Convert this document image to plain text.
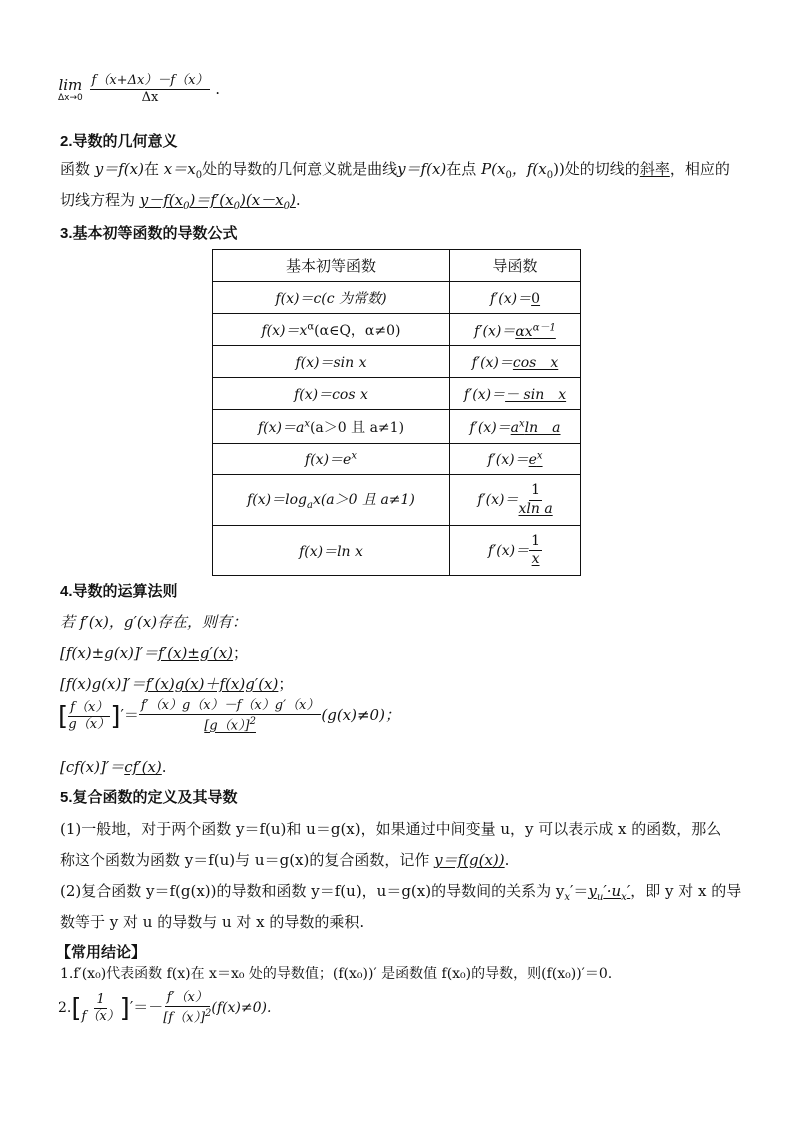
lim
Δx→0
$\frac{f(x+\Delta x)-f(x)}{\Delta x}$ .
2.导数的几何意义
函数 y＝f(x)在 $x=x_0$处的导数的几何意义就是曲线y＝f(x)在点 $P(x_0$，$f(x_0)$)处的切线的斜率，相应的
切线方程为 $y-f(x_0)=f'(x_0)(x-x_0)$.
3.基本初等函数的导数公式
基本初等函数	导函数
f(x)＝c(c 为常数)	f′(x)＝0
$f(x)=x^\alpha(\alpha\in Q$，α≠0)	$f'(x)=\alpha x^{\alpha-1}$
f(x)＝sin x	f′(x)＝cos　x
f(x)＝cos x	f′(x)＝－ sin　x
$f(x)=a^x(a>0$ 且 a≠1)	$f'(x)=a^x\ln$　a
$f(x)=e^x$	$f'(x)=e^x$
$f(x)=\log_ax(a>0$ 且 a≠1)	$f'(x)= \frac{1}{\text{xln a}}$

f(x)＝ln x	$f'(x)= \frac{1}{x}$
4.导数的运算法则
若 f′(x)，g′(x)存在，则有：
[f(x)±g(x)]′＝f′(x)±g′(x)；
[f(x)g(x)]′＝f′(x)g(x)＋f(x)g′(x)；
[ $\frac{f(x)}{g(x)}$ ]′＝ $\frac{f'(x)g(x)-f(x)g'(x)}{[g(x)]^2} (g(x)\ne 0)$；
[cf(x)]′＝cf′(x).
5.复合函数的定义及其导数
(1)一般地，对于两个函数 y＝f(u)和 u＝g(x)，如果通过中间变量 u，y 可以表示成 x 的函数，那么
称这个函数为函数 y＝f(u)与 u＝g(x)的复合函数，记作 y＝f(g(x)).
(2)复合函数 y＝f(g(x))的导数和函数 y＝f(u)，u＝g(x)的导数间的关系为 $y_x'=y_u'\cdot u_x'$，即 y 对 x 的导
数等于 y 对 u 的导数与 u 对 x 的导数的乘积.
【常用结论】
1.f′(x₀)代表函数 f(x)在 x＝x₀ 处的导数值；(f(x₀))′ 是函数值 f(x₀)的导数，则(f(x₀))′＝0.
$2.[ \frac{1}{f(x)}$ ]′＝－ $\frac{f'(x)}{[f(x)]^2} (f(x)\ne 0)$.
